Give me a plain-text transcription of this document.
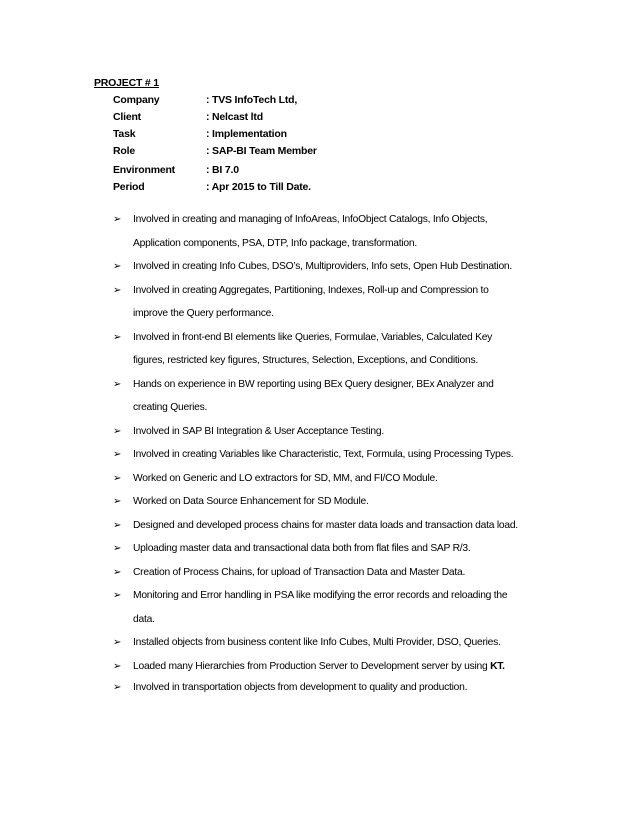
PROJECT # 1
Company	: TVS InfoTech Ltd,
Client	: Nelcast ltd
Task	: Implementation
Role	: SAP-BI Team Member
Environment	: BI 7.0
Period	: Apr 2015 to Till Date.
➢ Involved in creating and managing of InfoAreas, InfoObject Catalogs, Info Objects,
Application components, PSA, DTP, Info package, transformation.
➢ Involved in creating Info Cubes, DSO’s, Multiproviders, Info sets, Open Hub Destination.
➢ Involved in creating Aggregates, Partitioning, Indexes, Roll-up and Compression to
improve the Query performance.
➢ Involved in front-end BI elements like Queries, Formulae, Variables, Calculated Key
figures, restricted key figures, Structures, Selection, Exceptions, and Conditions.
➢ Hands on experience in BW reporting using BEx Query designer, BEx Analyzer and
creating Queries.
➢ Involved in SAP BI Integration & User Acceptance Testing.
➢ Involved in creating Variables like Characteristic, Text, Formula, using Processing Types.
➢ Worked on Generic and LO extractors for SD, MM, and FI/CO Module.
➢ Worked on Data Source Enhancement for SD Module.
➢ Designed and developed process chains for master data loads and transaction data load.
➢ Uploading master data and transactional data both from flat files and SAP R/3.
➢ Creation of Process Chains, for upload of Transaction Data and Master Data.
➢ Monitoring and Error handling in PSA like modifying the error records and reloading the
data.
➢ Installed objects from business content like Info Cubes, Multi Provider, DSO, Queries.
➢ Loaded many Hierarchies from Production Server to Development server by using KT.
➢ Involved in transportation objects from development to quality and production.
